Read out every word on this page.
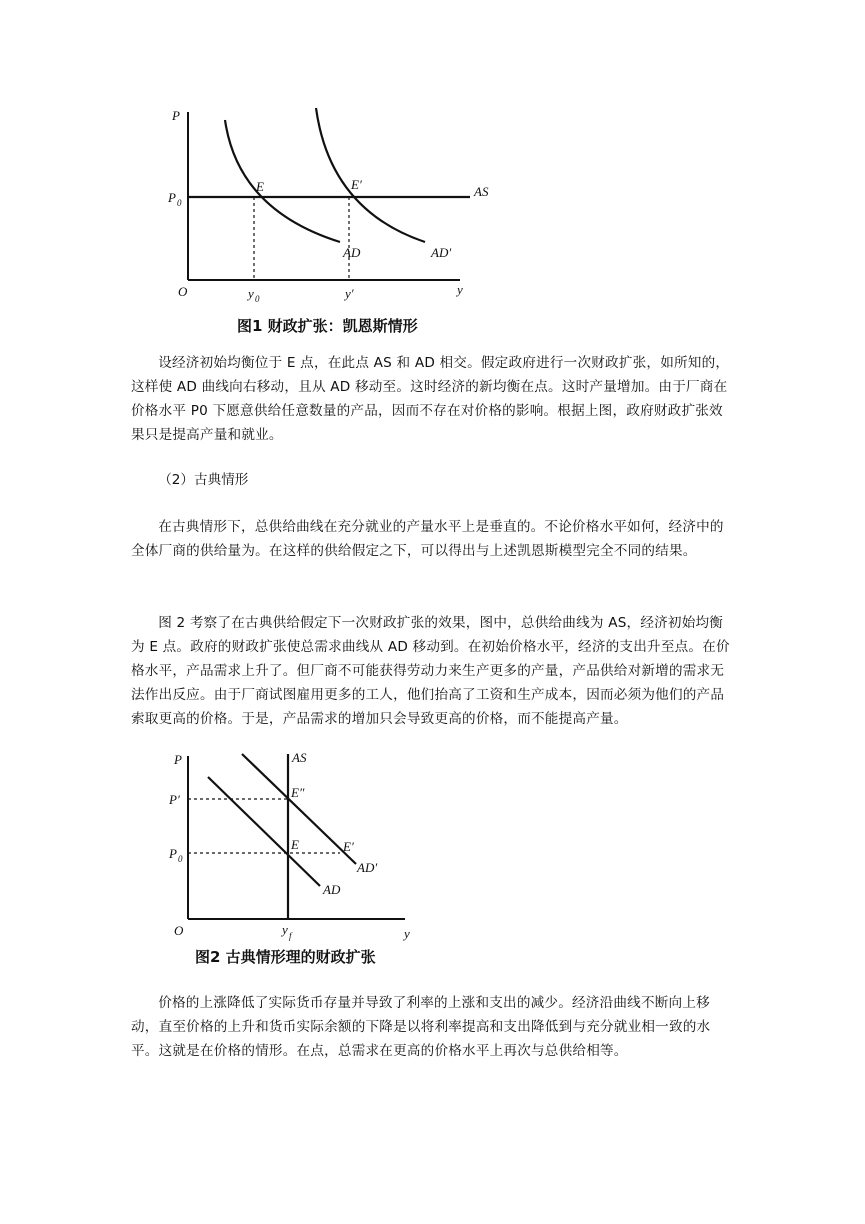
P
y
O
P 0
E	E′	AS
AD	AD′
y 0	y′
图1 财政扩张：凯恩斯情形

设经济初始均衡位于 E 点，在此点 AS 和 AD 相交。假定政府进行一次财政扩张，如所知的，这样使 AD 曲线向右移动，且从 AD 移动至。这时经济的新均衡在点。这时产量增加。由于厂商在价格水平 P0 下愿意供给任意数量的产品，因而不存在对价格的影响。根据上图，政府财政扩张效果只是提高产量和就业。

（2）古典情形

在古典情形下，总供给曲线在充分就业的产量水平上是垂直的。不论价格水平如何，经济中的全体厂商的供给量为。在这样的供给假定之下，可以得出与上述凯恩斯模型完全不同的结果。

图 2 考察了在古典供给假定下一次财政扩张的效果，图中，总供给曲线为 AS，经济初始均衡为 E 点。政府的财政扩张使总需求曲线从 AD 移动到。在初始价格水平，经济的支出升至点。在价格水平，产品需求上升了。但厂商不可能获得劳动力来生产更多的产量，产品供给对新增的需求无法作出反应。由于厂商试图雇用更多的工人，他们抬高了工资和生产成本，因而必须为他们的产品索取更高的价格。于是，产品需求的增加只会导致更高的价格，而不能提高产量。

P
y
O
AS
P′
P 0
E″
E	E′
AD
AD′
y f
图2 古典情形理的财政扩张

价格的上涨降低了实际货币存量并导致了利率的上涨和支出的减少。经济沿曲线不断向上移动，直至价格的上升和货币实际余额的下降是以将利率提高和支出降低到与充分就业相一致的水平。这就是在价格的情形。在点，总需求在更高的价格水平上再次与总供给相等。
